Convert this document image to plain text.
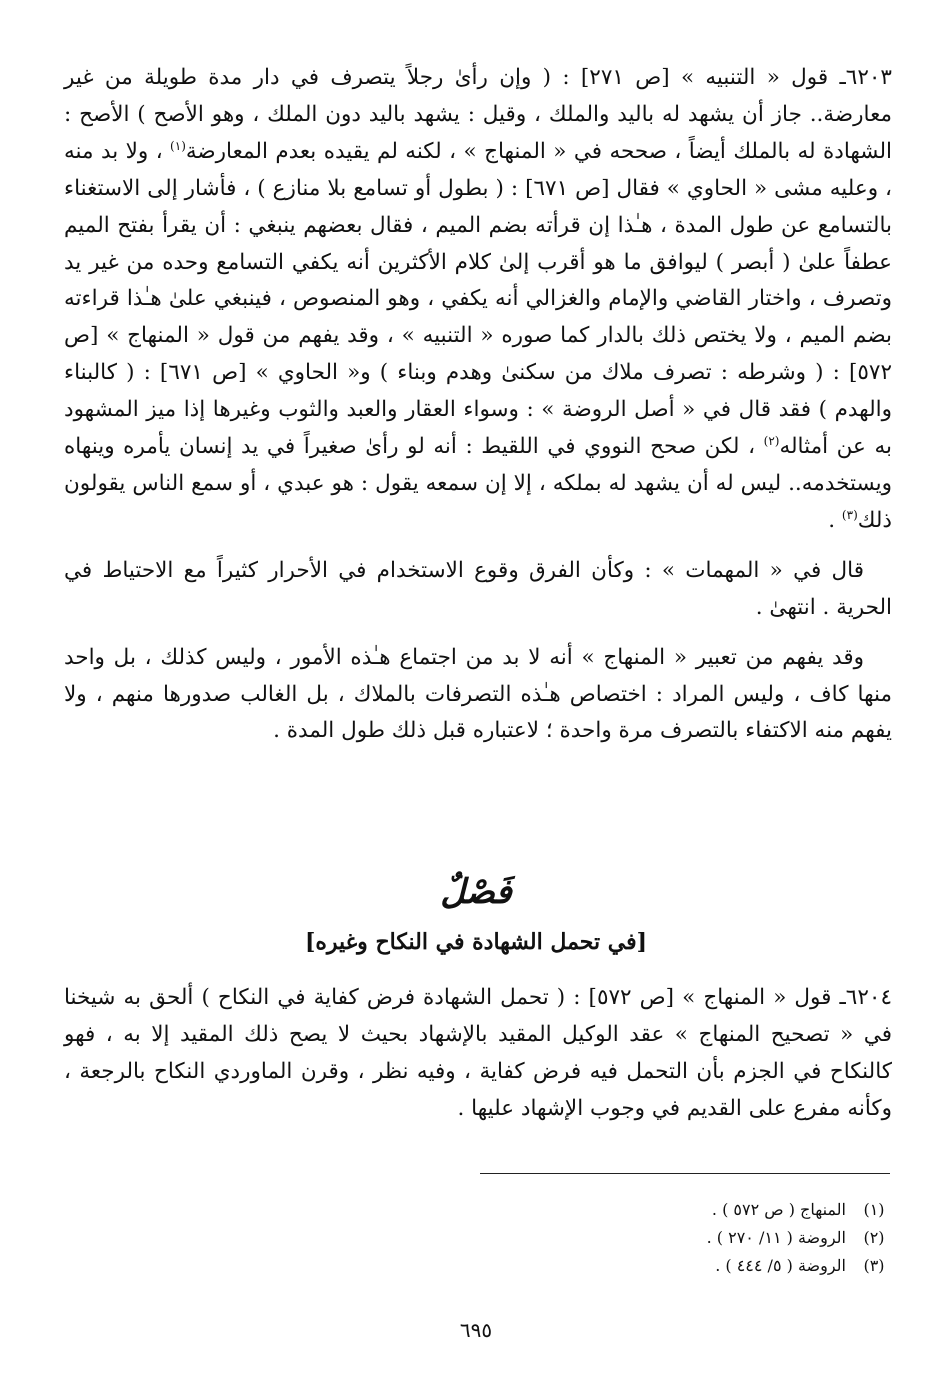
٦٢٠٣ـ قول « التنبيه » [ص ٢٧١] : ( وإن رأىٰ رجلاً يتصرف في دار مدة طويلة من غير معارضة.. جاز أن يشهد له باليد والملك ، وقيل : يشهد باليد دون الملك ، وهو الأصح ) الأصح : الشهادة له بالملك أيضاً ، صححه في « المنهاج » ، لكنه لم يقيده بعدم المعارضة$^{(١)}$ ، ولا بد منه ، وعليه مشى « الحاوي » فقال [ص ٦٧١] : ( بطول أو تسامع بلا منازع ) ، فأشار إلى الاستغناء بالتسامع عن طول المدة ، هـٰذا إن قرأته بضم الميم ، فقال بعضهم ينبغي : أن يقرأ بفتح الميم عطفاً علىٰ ( أبصر ) ليوافق ما هو أقرب إلىٰ كلام الأكثرين أنه يكفي التسامع وحده من غير يد وتصرف ، واختار القاضي والإمام والغزالي أنه يكفي ، وهو المنصوص ، فينبغي علىٰ هـٰذا قراءته بضم الميم ، ولا يختص ذلك بالدار كما صوره « التنبيه » ، وقد يفهم من قول « المنهاج » [ص ٥٧٢] : ( وشرطه : تصرف ملاك من سكنىٰ وهدم وبناء ) و« الحاوي » [ص ٦٧١] : ( كالبناء والهدم ) فقد قال في « أصل الروضة » : وسواء العقار والعبد والثوب وغيرها إذا ميز المشهود به عن أمثاله$^{(٢)}$ ، لكن صحح النووي في اللقيط : أنه لو رأىٰ صغيراً في يد إنسان يأمره وينهاه ويستخدمه.. ليس له أن يشهد له بملكه ، إلا إن سمعه يقول : هو عبدي ، أو سمع الناس يقولون ذلك$^{(٣)}$ .

قال في « المهمات » : وكأن الفرق وقوع الاستخدام في الأحرار كثيراً مع الاحتياط في الحرية . انتهىٰ .

وقد يفهم من تعبير « المنهاج » أنه لا بد من اجتماع هـٰذه الأمور ، وليس كذلك ، بل واحد منها كاف ، وليس المراد : اختصاص هـٰذه التصرفات بالملاك ، بل الغالب صدورها منهم ، ولا يفهم منه الاكتفاء بالتصرف مرة واحدة ؛ لاعتباره قبل ذلك طول المدة .

فَصْلٌ
[في تحمل الشهادة في النكاح وغيره]
٦٢٠٤ـ قول « المنهاج » [ص ٥٧٢] : ( تحمل الشهادة فرض كفاية في النكاح ) ألحق به شيخنا في « تصحيح المنهاج » عقد الوكيل المقيد بالإشهاد بحيث لا يصح ذلك المقيد إلا به ، فهو كالنكاح في الجزم بأن التحمل فيه فرض كفاية ، وفيه نظر ، وقرن الماوردي النكاح بالرجعة ، وكأنه مفرع على القديم في وجوب الإشهاد عليها .
(١)
المنهاج ( ص ٥٧٢ ) .
(٢)
الروضة ( ١١/ ٢٧٠ ) .
(٣)
الروضة ( ٥/ ٤٤٤ ) .
٦٩٥
